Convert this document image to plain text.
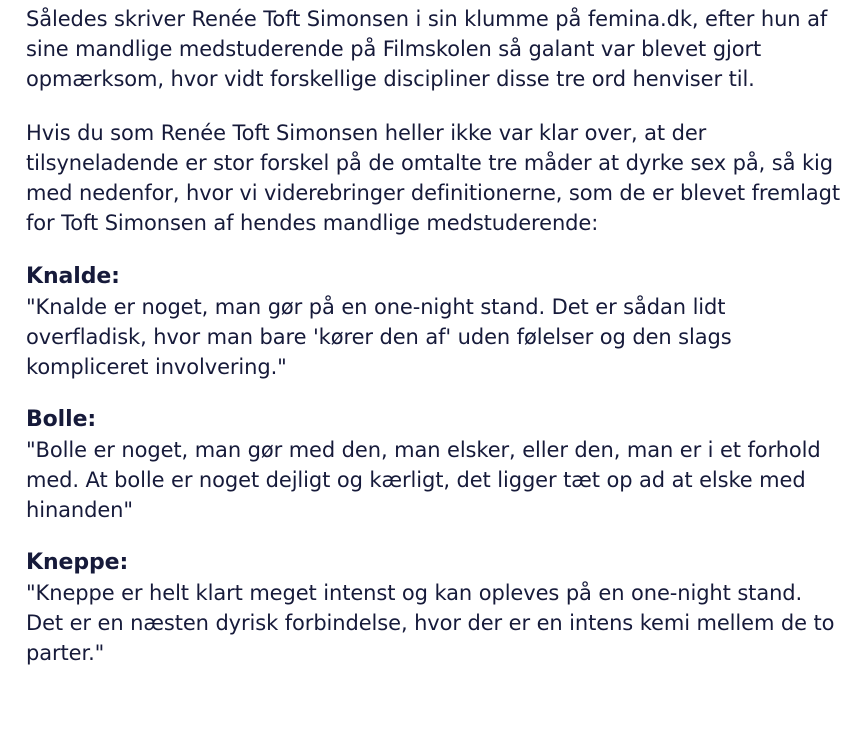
Således skriver Renée Toft Simonsen i sin klumme på femina.dk, efter hun af sine mandlige medstuderende på Filmskolen så galant var blevet gjort opmærksom, hvor vidt forskellige discipliner disse tre ord henviser til.

Hvis du som Renée Toft Simonsen heller ikke var klar over, at der tilsyneladende er stor forskel på de omtalte tre måder at dyrke sex på, så kig med nedenfor, hvor vi viderebringer definitionerne, som de er blevet fremlagt for Toft Simonsen af hendes mandlige medstuderende:

Knalde:

"Knalde er noget, man gør på en one-night stand. Det er sådan lidt overfladisk, hvor man bare 'kører den af' uden følelser og den slags kompliceret involvering."

Bolle:

"Bolle er noget, man gør med den, man elsker, eller den, man er i et forhold med. At bolle er noget dejligt og kærligt, det ligger tæt op ad at elske med hinanden"

Kneppe:

"Kneppe er helt klart meget intenst og kan opleves på en one-night stand. Det er en næsten dyrisk forbindelse, hvor der er en intens kemi mellem de to parter."
